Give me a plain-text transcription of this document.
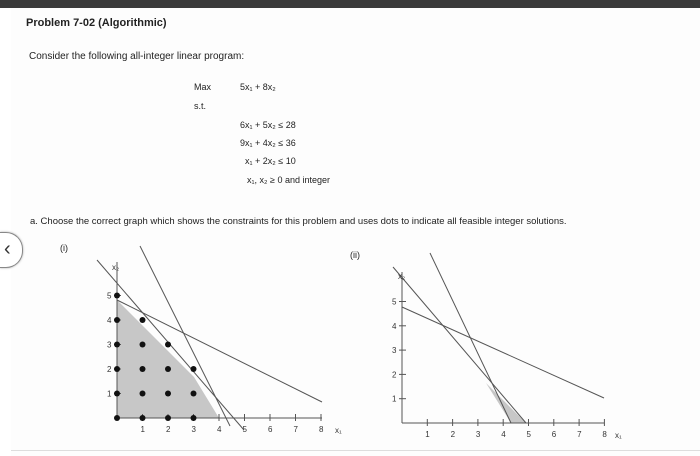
‹
Problem 7-02 (Algorithmic)
Consider the following all-integer linear program:
Max	5x₁ + 8x₂
s.t.
6x₁ + 5x₂ ≤ 28
9x₁ + 4x₂ ≤ 36
x₁ + 2x₂ ≤ 10
x₁, x₂ ≥ 0 and integer
a. Choose the correct graph which shows the constraints for this problem and uses dots to indicate all feasible integer solutions.
(i)
(ii)
1	2	3	4	5	6	7	8
1
2
3
4
5
x₂
x₁	1	2	3	4	5	6	7	8
1
2
3
4
5
x₂
x₁
